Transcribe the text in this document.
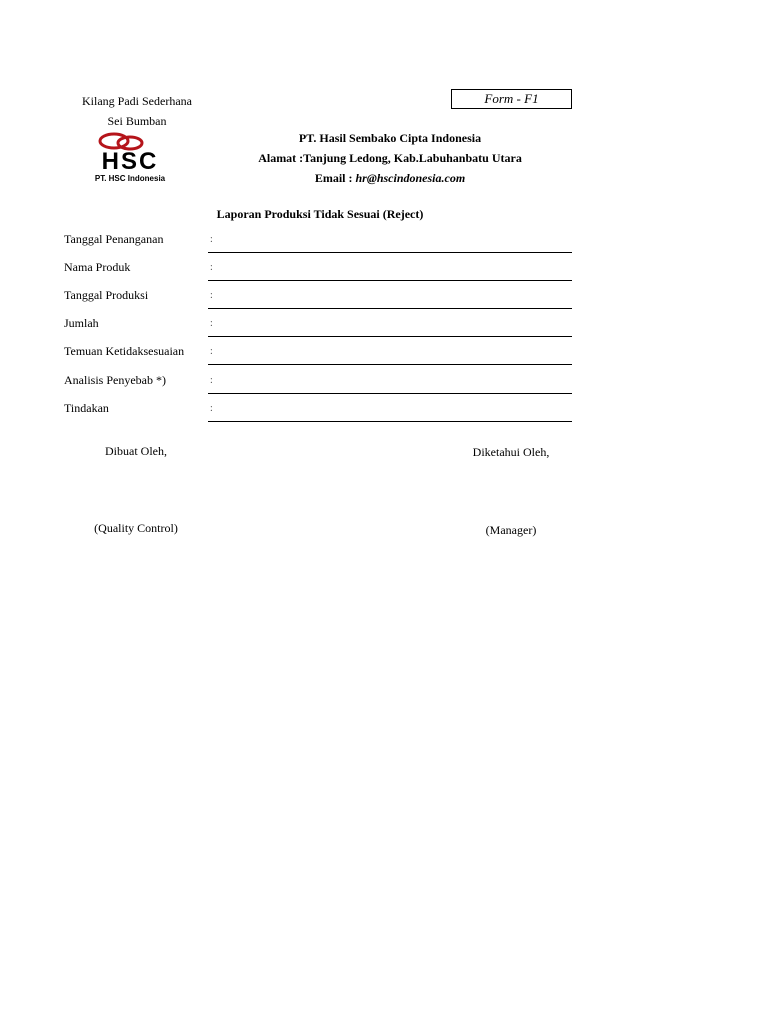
Kilang Padi Sederhana
Sei Bumban
Form - F1
HSC
PT. HSC Indonesia
PT. Hasil Sembako Cipta Indonesia
Alamat :Tanjung Ledong, Kab.Labuhanbatu Utara
Email : hr@hscindonesia.com
Laporan Produksi Tidak Sesuai (Reject)
Tanggal Penanganan	:
Nama Produk	:
Tanggal Produksi	:
Jumlah	:
Temuan Ketidaksesuaian	:
Analisis Penyebab *)	:
Tindakan	:
Dibuat Oleh,
(Quality Control)
Diketahui Oleh,
(Manager)
